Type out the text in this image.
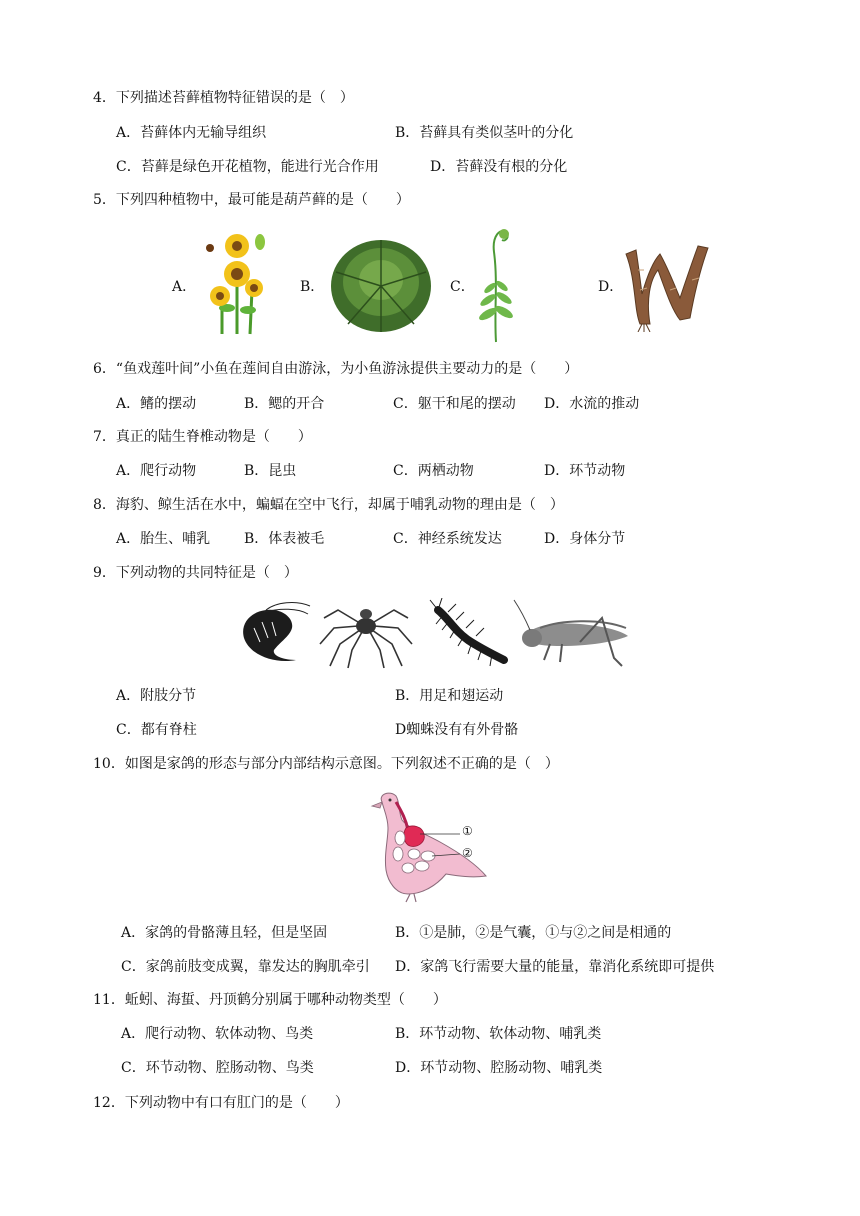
4．下列描述苔藓植物特征错误的是（　）
A．苔藓体内无输导组织	B．苔藓具有类似茎叶的分化
C．苔藓是绿色开花植物，能进行光合作用	D．苔藓没有根的分化
5．下列四种植物中，最可能是葫芦藓的是（　　）
A．	B．	C．	D．
6．“鱼戏莲叶间”小鱼在莲间自由游泳，为小鱼游泳提供主要动力的是（　　）
A．鳍的摆动	B．鳃的开合	C．躯干和尾的摆动 D．水流的推动
7．真正的陆生脊椎动物是（　　）
A．爬行动物	B．昆虫	C．两栖动物	D．环节动物
8．海豹、鲸生活在水中，蝙蝠在空中飞行，却属于哺乳动物的理由是（　）
A．胎生、哺乳 B．体表被毛	C．神经系统发达	D．身体分节
9．下列动物的共同特征是（　）
A．附肢分节	B．用足和翅运动
C．都有脊柱	D蜘蛛没有有外骨骼
10．如图是家鸽的形态与部分内部结构示意图。下列叙述不正确的是（　）
①
②
A．家鸽的骨骼薄且轻，但是坚固	B．①是肺，②是气囊，①与②之间是相通的
C．家鸽前肢变成翼，靠发达的胸肌牵引 D．家鸽飞行需要大量的能量，靠消化系统即可提供
11．蚯蚓、海蜇、丹顶鹤分别属于哪种动物类型（　　）
A．爬行动物、软体动物、鸟类	B．环节动物、软体动物、哺乳类
C．环节动物、腔肠动物、鸟类	D．环节动物、腔肠动物、哺乳类
12．下列动物中有口有肛门的是（　　）
